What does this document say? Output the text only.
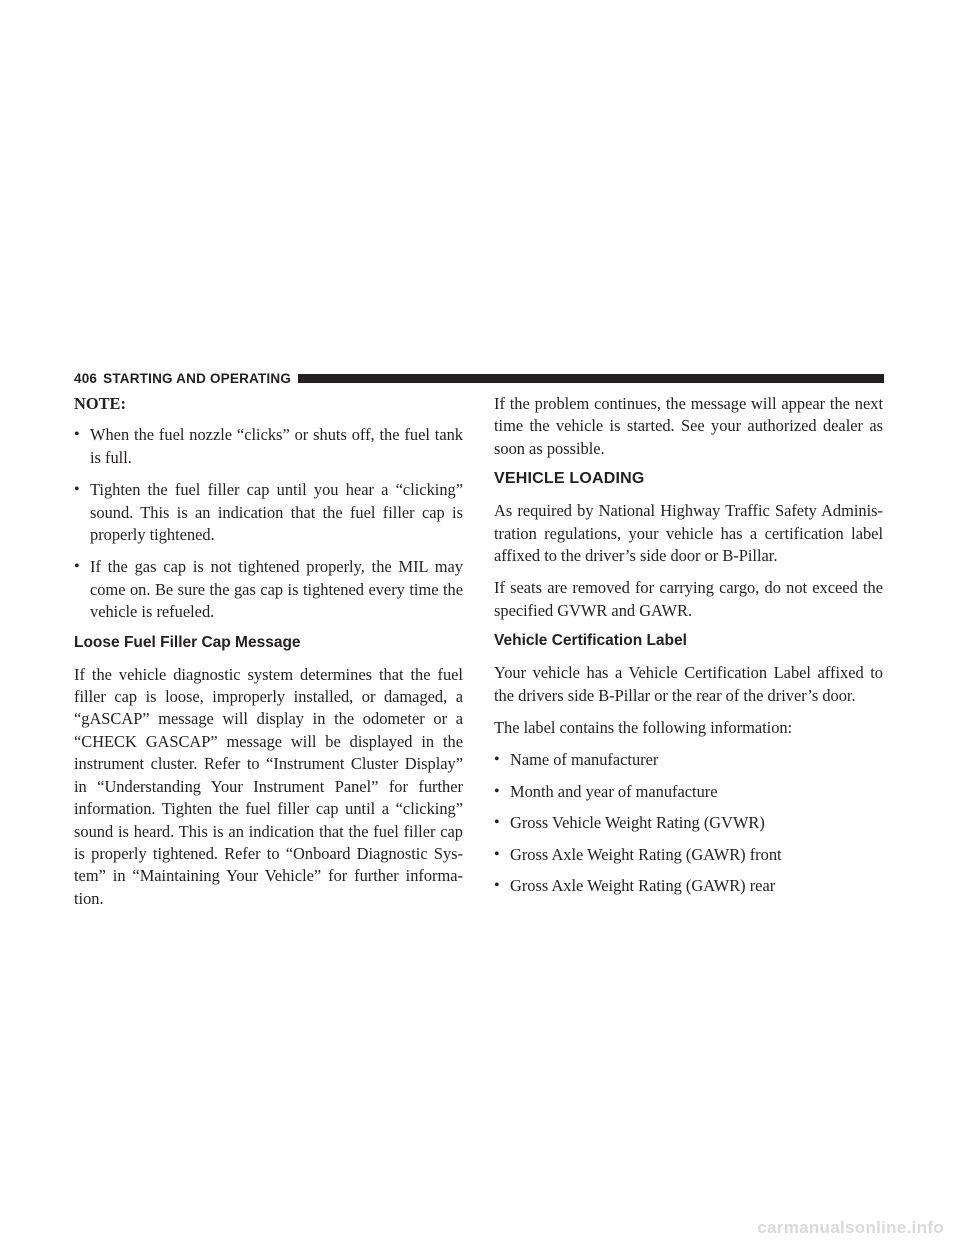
406 STARTING AND OPERATING

NOTE:

• When the fuel nozzle “clicks” or shuts off, the fuel tank is full.
• Tighten the fuel filler cap until you hear a “clicking” sound. This is an indication that the fuel filler cap is properly tightened.
• If the gas cap is not tightened properly, the MIL may come on. Be sure the gas cap is tightened every time the vehicle is refueled.
Loose Fuel Filler Cap Message

If the vehicle diagnostic system determines that the fuel filler cap is loose, improperly installed, or damaged, a “gASCAP” message will display in the odometer or a “CHECK GASCAP” message will be displayed in the instrument cluster. Refer to “Instrument Cluster Display” in “Understanding Your Instrument Panel” for further information. Tighten the fuel filler cap until a “clicking” sound is heard. This is an indication that the fuel filler cap is properly tightened. Refer to “Onboard Diagnostic Sys-tem” in “Maintaining Your Vehicle” for further informa-tion.

If the problem continues, the message will appear the next time the vehicle is started. See your authorized dealer as soon as possible.

VEHICLE LOADING

As required by National Highway Traffic Safety Adminis-tration regulations, your vehicle has a certification label affixed to the driver’s side door or B-Pillar.

If seats are removed for carrying cargo, do not exceed the specified GVWR and GAWR.

Vehicle Certification Label

Your vehicle has a Vehicle Certification Label affixed to the drivers side B-Pillar or the rear of the driver’s door.

The label contains the following information:

• Name of manufacturer
• Month and year of manufacture
• Gross Vehicle Weight Rating (GVWR)
• Gross Axle Weight Rating (GAWR) front
• Gross Axle Weight Rating (GAWR) rear
carmanualsonline.info
